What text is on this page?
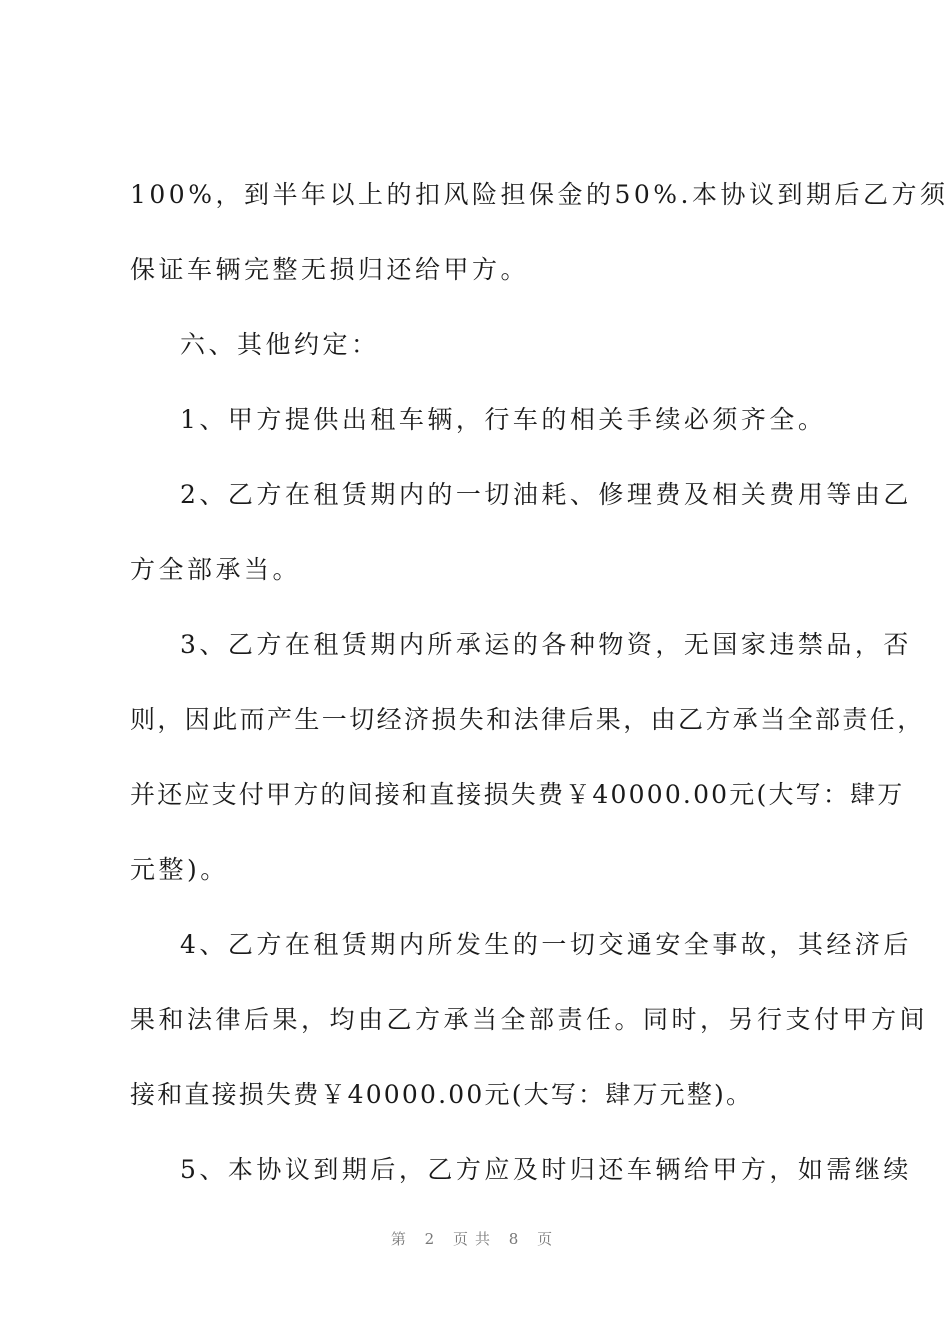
100%，到半年以上的扣风险担保金的50%.本协议到期后乙方须
保证车辆完整无损归还给甲方。
六、其他约定：
1、甲方提供出租车辆，行车的相关手续必须齐全。
2、乙方在租赁期内的一切油耗、修理费及相关费用等由乙
方全部承当。
3、乙方在租赁期内所承运的各种物资，无国家违禁品，否
则，因此而产生一切经济损失和法律后果，由乙方承当全部责任，
并还应支付甲方的间接和直接损失费￥40000.00元(大写：肆万
元整)。
4、乙方在租赁期内所发生的一切交通安全事故，其经济后
果和法律后果，均由乙方承当全部责任。同时，另行支付甲方间
接和直接损失费￥40000.00元(大写：肆万元整)。
5、本协议到期后，乙方应及时归还车辆给甲方，如需继续
第 2 页共 8 页
